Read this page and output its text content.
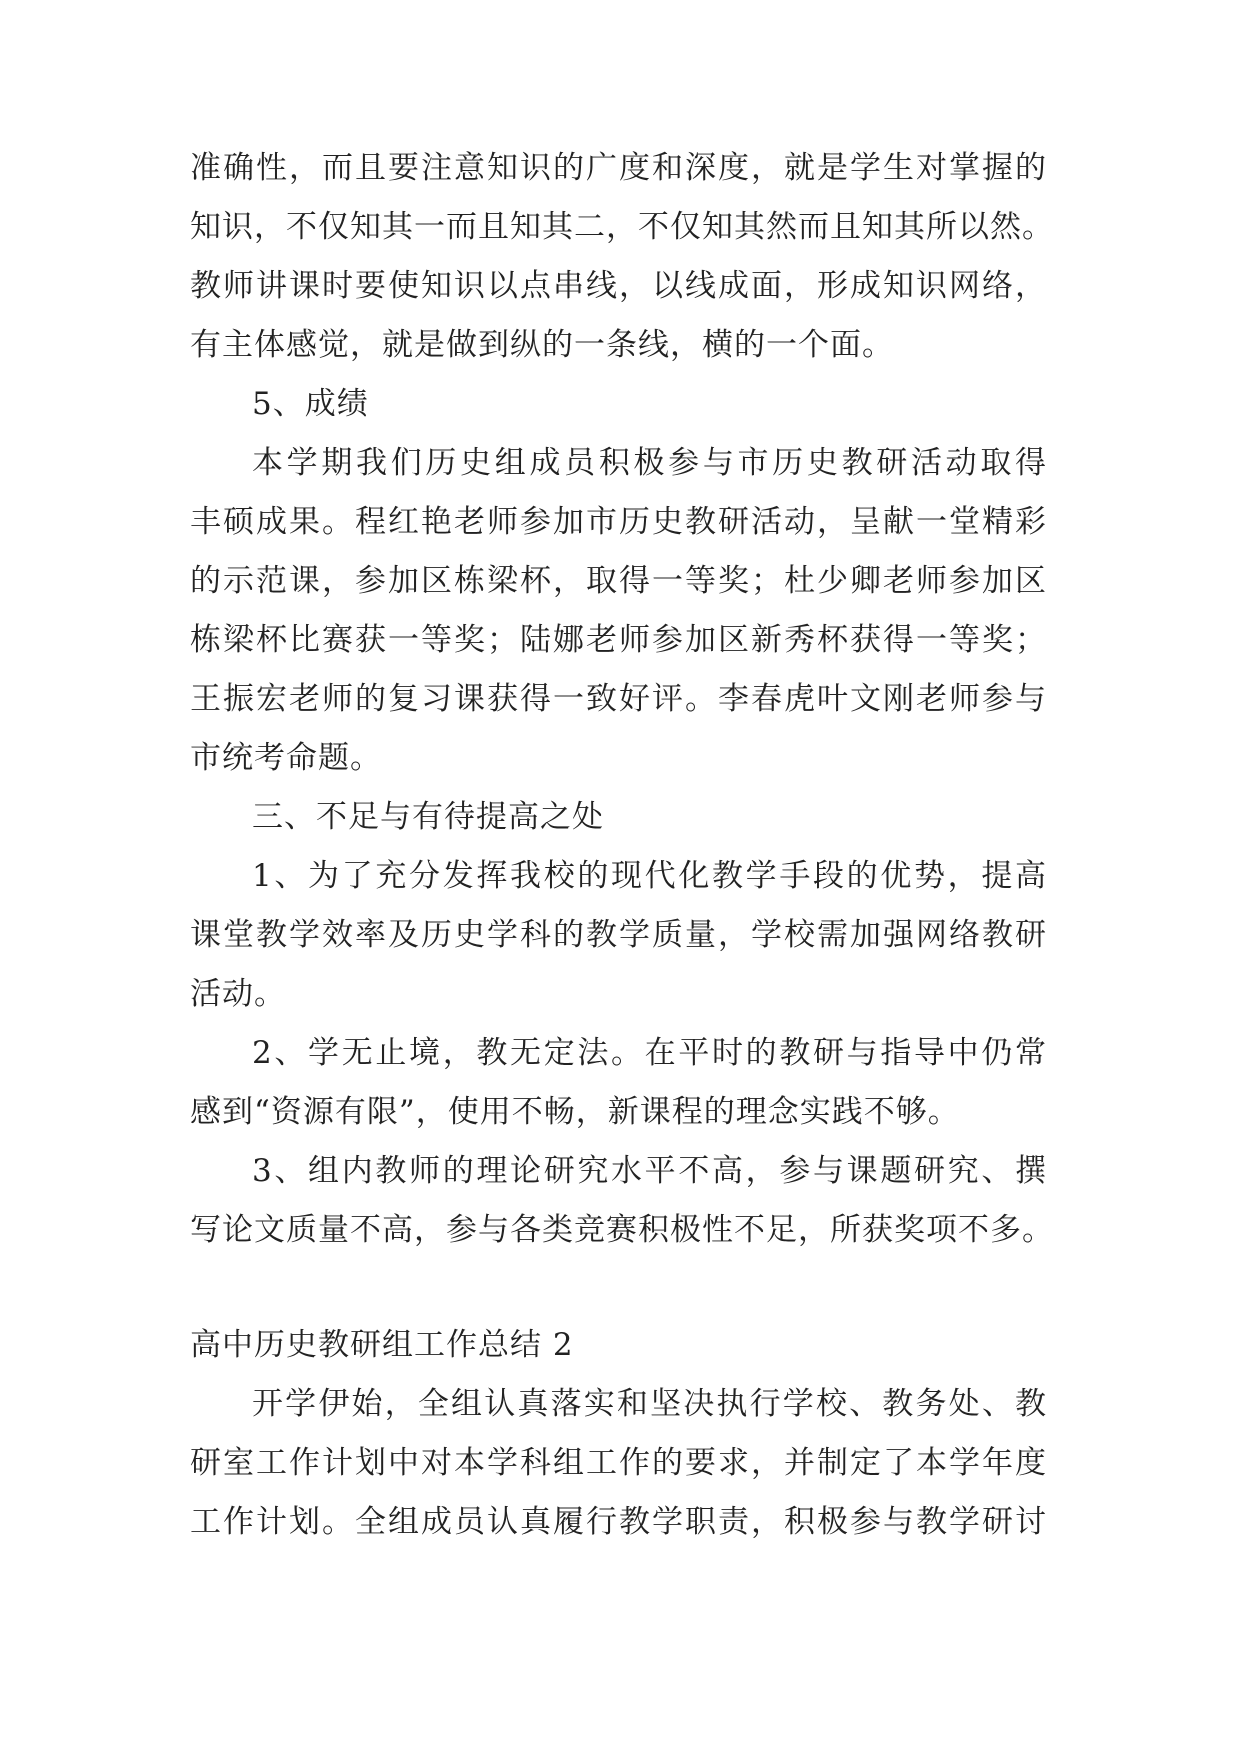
准确性，而且要注意知识的广度和深度，就是学生对掌握的
知识，不仅知其一而且知其二，不仅知其然而且知其所以然。
教师讲课时要使知识以点串线，以线成面，形成知识网络，
有主体感觉，就是做到纵的一条线，横的一个面。
5、成绩
本学期我们历史组成员积极参与市历史教研活动取得
丰硕成果。程红艳老师参加市历史教研活动，呈献一堂精彩
的示范课，参加区栋梁杯，取得一等奖；杜少卿老师参加区
栋梁杯比赛获一等奖；陆娜老师参加区新秀杯获得一等奖；
王振宏老师的复习课获得一致好评。李春虎叶文刚老师参与
市统考命题。
三、不足与有待提高之处
1、为了充分发挥我校的现代化教学手段的优势，提高
课堂教学效率及历史学科的教学质量，学校需加强网络教研
活动。
2、学无止境，教无定法。在平时的教研与指导中仍常
感到“资源有限”，使用不畅，新课程的理念实践不够。
3、组内教师的理论研究水平不高，参与课题研究、撰
写论文质量不高，参与各类竞赛积极性不足，所获奖项不多。
高中历史教研组工作总结 2
开学伊始，全组认真落实和坚决执行学校、教务处、教
研室工作计划中对本学科组工作的要求，并制定了本学年度
工作计划。全组成员认真履行教学职责，积极参与教学研讨
